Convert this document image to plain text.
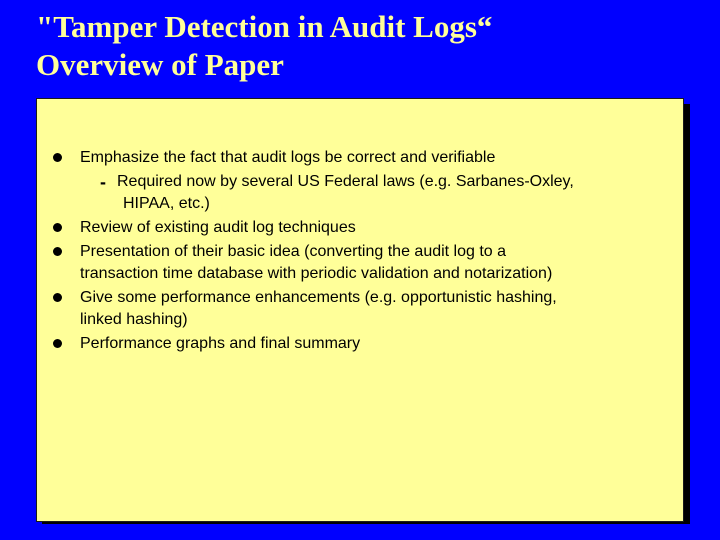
"Tamper Detection in Audit Logs“
Overview of Paper
Emphasize the fact that audit logs be correct and verifiable
- Required now by several US Federal laws (e.g. Sarbanes-Oxley,

HIPAA, etc.)
Review of existing audit log techniques
Presentation of their basic idea (converting the audit log to a
transaction time database with periodic validation and notarization)
Give some performance enhancements (e.g. opportunistic hashing,
linked hashing)
Performance graphs and final summary
